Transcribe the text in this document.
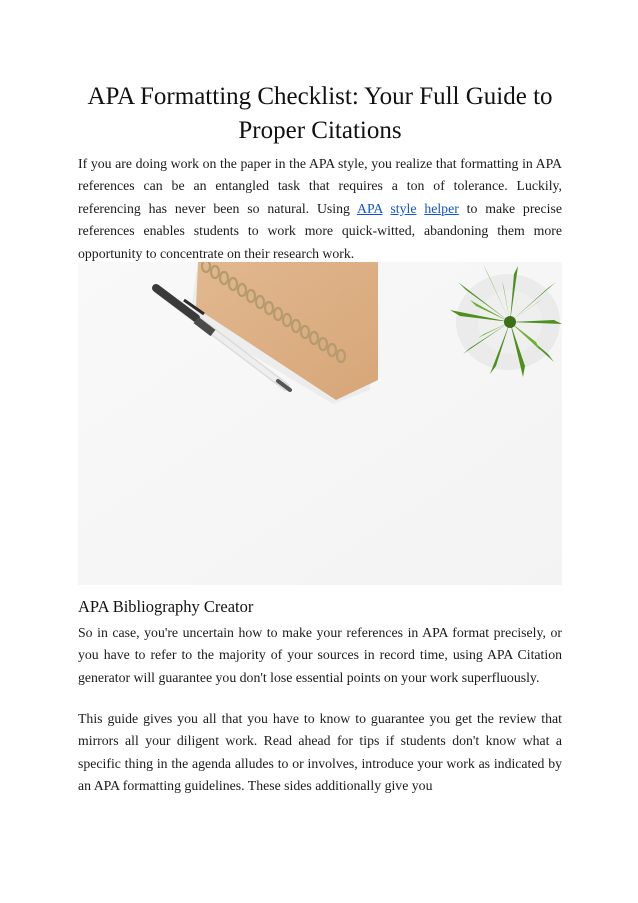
APA Formatting Checklist: Your Full Guide to Proper Citations

If you are doing work on the paper in the APA style, you realize that formatting in APA references can be an entangled task that requires a ton of tolerance. Luckily, referencing has never been so natural. Using APA style helper to make precise references enables students to work more quick-witted, abandoning them more opportunity to concentrate on their research work.

APA Bibliography Creator

So in case, you're uncertain how to make your references in APA format precisely, or you have to refer to the majority of your sources in record time, using APA Citation generator will guarantee you don't lose essential points on your work superfluously.

This guide gives you all that you have to know to guarantee you get the review that mirrors all your diligent work. Read ahead for tips if students don't know what a specific thing in the agenda alludes to or involves, introduce your work as indicated by an APA formatting guidelines. These sides additionally give you
